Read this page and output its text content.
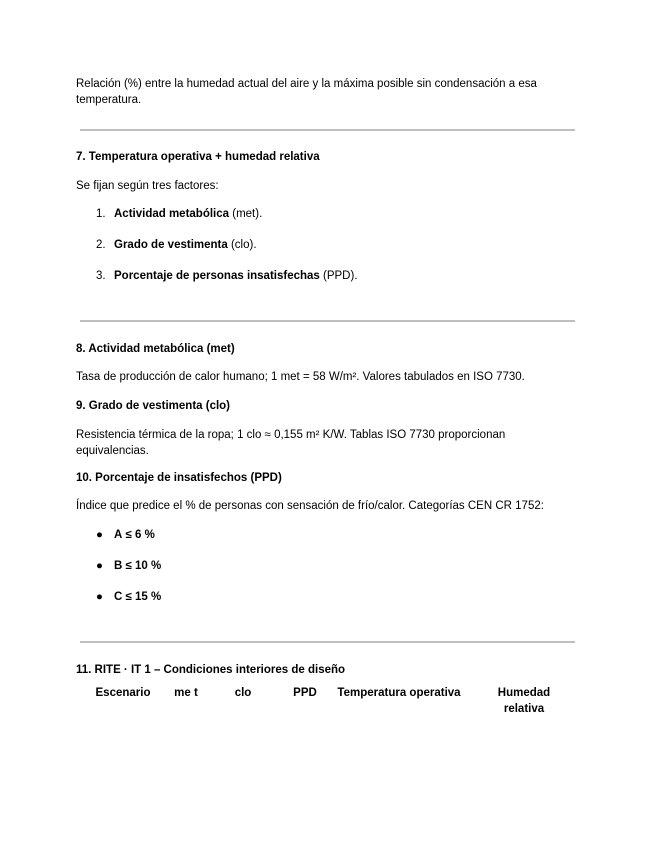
Relación (%) entre la humedad actual del aire y la máxima posible sin condensación a esa temperatura.

7. Temperatura operativa + humedad relativa
Se fijan según tres factores:
1. Actividad metabólica (met).
2. Grado de vestimenta (clo).
3. Porcentaje de personas insatisfechas (PPD).
8. Actividad metabólica (met)
Tasa de producción de calor humano; 1 met = 58 W/m². Valores tabulados en ISO 7730.
9. Grado de vestimenta (clo)
Resistencia térmica de la ropa; 1 clo ≈ 0,155 m² K/W. Tablas ISO 7730 proporcionan equivalencias.
10. Porcentaje de insatisfechos (PPD)
Índice que predice el % de personas con sensación de frío/calor. Categorías CEN CR 1752:
● A ≤ 6 %
● B ≤ 10 %
● C ≤ 15 %
11. RITE · IT 1 – Condiciones interiores de diseño
Escenario	me t	clo	PPD	Temperatura operativa	Humedad relativa
